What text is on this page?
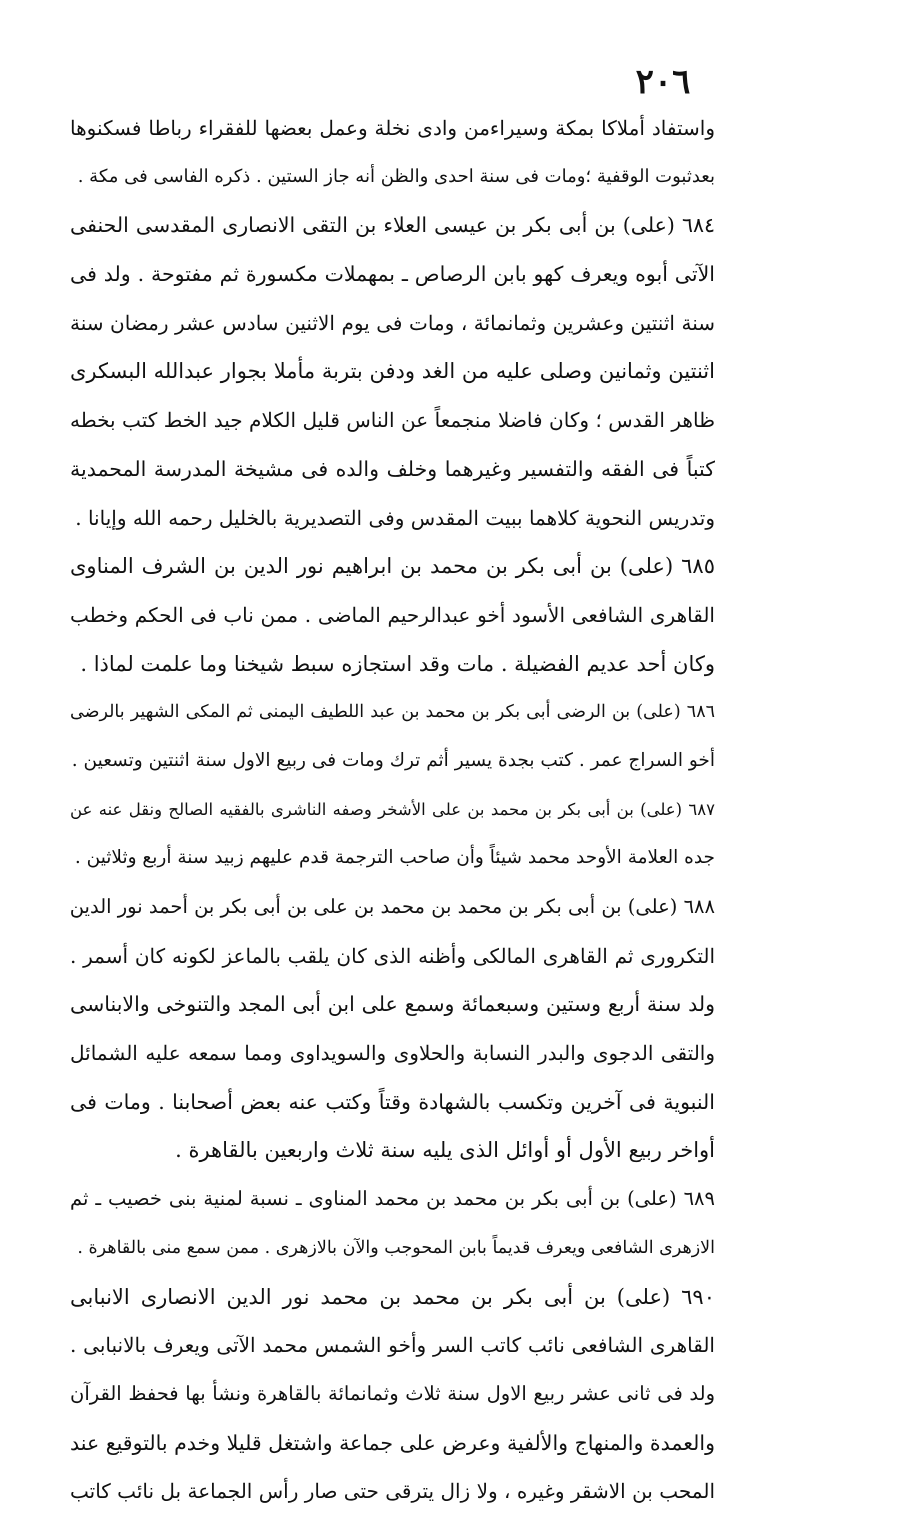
٢٠٦
واستفاد أملاكا بمكة وسيراءمن وادى نخلة وعمل بعضها للفقراء رباطا فسكنوها
بعدثبوت الوقفية ؛ومات فى سنة احدى والظن أنه جاز الستين . ذكره الفاسى فى مكة .
٦٨٤ (على) بن أبى بكر بن عيسى العلاء بن التقى الانصارى المقدسى الحنفى
الآتى أبوه ويعرف كهو بابن الرصاص ـ بمهملات مكسورة ثم مفتوحة . ولد فى
سنة اثنتين وعشرين وثمانمائة ، ومات فى يوم الاثنين سادس عشر رمضان سنة
اثنتين وثمانين وصلى عليه من الغد ودفن بتربة مأملا بجوار عبدالله البسكرى
ظاهر القدس ؛ وكان فاضلا منجمعاً عن الناس قليل الكلام جيد الخط كتب بخطه
كتباً فى الفقه والتفسير وغيرهما وخلف والده فى مشيخة المدرسة المحمدية
وتدريس النحوية كلاهما ببيت المقدس وفى التصديرية بالخليل رحمه الله وإيانا .
٦٨٥ (على) بن أبى بكر بن محمد بن ابراهيم نور الدين بن الشرف المناوى
القاهرى الشافعى الأسود أخو عبدالرحيم الماضى . ممن ناب فى الحكم وخطب
وكان أحد عديم الفضيلة . مات وقد استجازه سبط شيخنا وما علمت لماذا .
٦٨٦ (على) بن الرضى أبى بكر بن محمد بن عبد اللطيف اليمنى ثم المكى الشهير بالرضى
أخو السراج عمر . كتب بجدة يسير أثم ترك ومات فى ربيع الاول سنة اثنتين وتسعين .
٦٨٧ (على) بن أبى بكر بن محمد بن على الأشخر وصفه الناشرى بالفقيه الصالح ونقل عنه عن
جده العلامة الأوحد محمد شيئاً وأن صاحب الترجمة قدم عليهم زبيد سنة أربع وثلاثين .
٦٨٨ (على) بن أبى بكر بن محمد بن محمد بن على بن أبى بكر بن أحمد نور الدين
التكرورى ثم القاهرى المالكى وأظنه الذى كان يلقب بالماعز لكونه كان أسمر .
ولد سنة أربع وستين وسبعمائة وسمع على ابن أبى المجد والتنوخى والابناسى
والتقى الدجوى والبدر النسابة والحلاوى والسويداوى ومما سمعه عليه الشمائل
النبوية فى آخرين وتكسب بالشهادة وقتاً وكتب عنه بعض أصحابنا . ومات فى
أواخر ربيع الأول أو أوائل الذى يليه سنة ثلاث واربعين بالقاهرة .
٦٨٩ (على) بن أبى بكر بن محمد بن محمد المناوى ـ نسبة لمنية بنى خصيب ـ ثم
الازهرى الشافعى ويعرف قديماً بابن المحوجب والآن بالازهرى . ممن سمع منى بالقاهرة .
٦٩٠ (على) بن أبى بكر بن محمد بن محمد نور الدين الانصارى الانبابى
القاهرى الشافعى نائب كاتب السر وأخو الشمس محمد الآتى ويعرف بالانبابى .
ولد فى ثانى عشر ربيع الاول سنة ثلاث وثمانمائة بالقاهرة ونشأ بها فحفظ القرآن
والعمدة والمنهاج والألفية وعرض على جماعة واشتغل قليلا وخدم بالتوقيع عند
المحب بن الاشقر وغيره ، ولا زال يترقى حتى صار رأس الجماعة بل نائب كاتب
